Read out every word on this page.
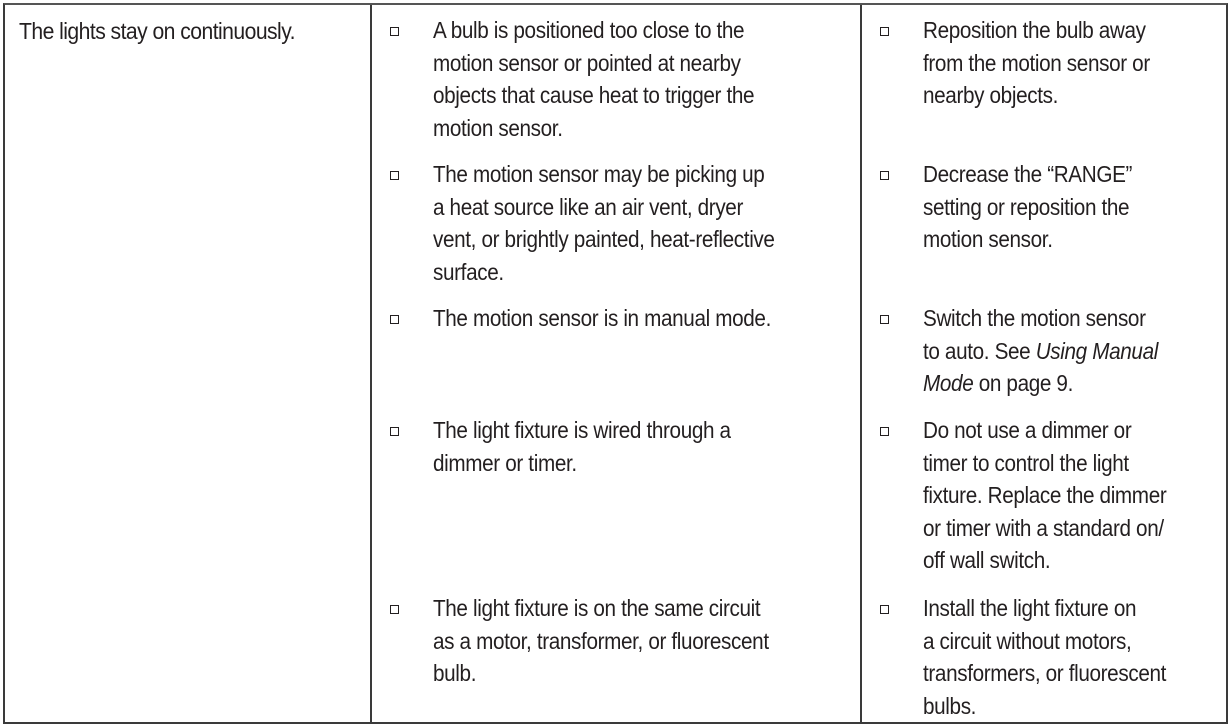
The lights stay on continuously.	A bulb is positioned too close to the
motion sensor or pointed at nearby
objects that cause heat to trigger the
motion sensor.
Reposition the bulb away
from the motion sensor or
nearby objects.
The motion sensor may be picking up
a heat source like an air vent, dryer
vent, or brightly painted, heat-reflective
surface.
Decrease the “RANGE”
setting or reposition the
motion sensor.
The motion sensor is in manual mode.	Switch the motion sensor
to auto. See Using Manual
Mode on page 9.
The light fixture is wired through a
dimmer or timer.
Do not use a dimmer or
timer to control the light
fixture. Replace the dimmer
or timer with a standard on/
off wall switch.
The light fixture is on the same circuit
as a motor, transformer, or fluorescent
bulb.
Install the light fixture on
a circuit without motors,
transformers, or fluorescent
bulbs.
